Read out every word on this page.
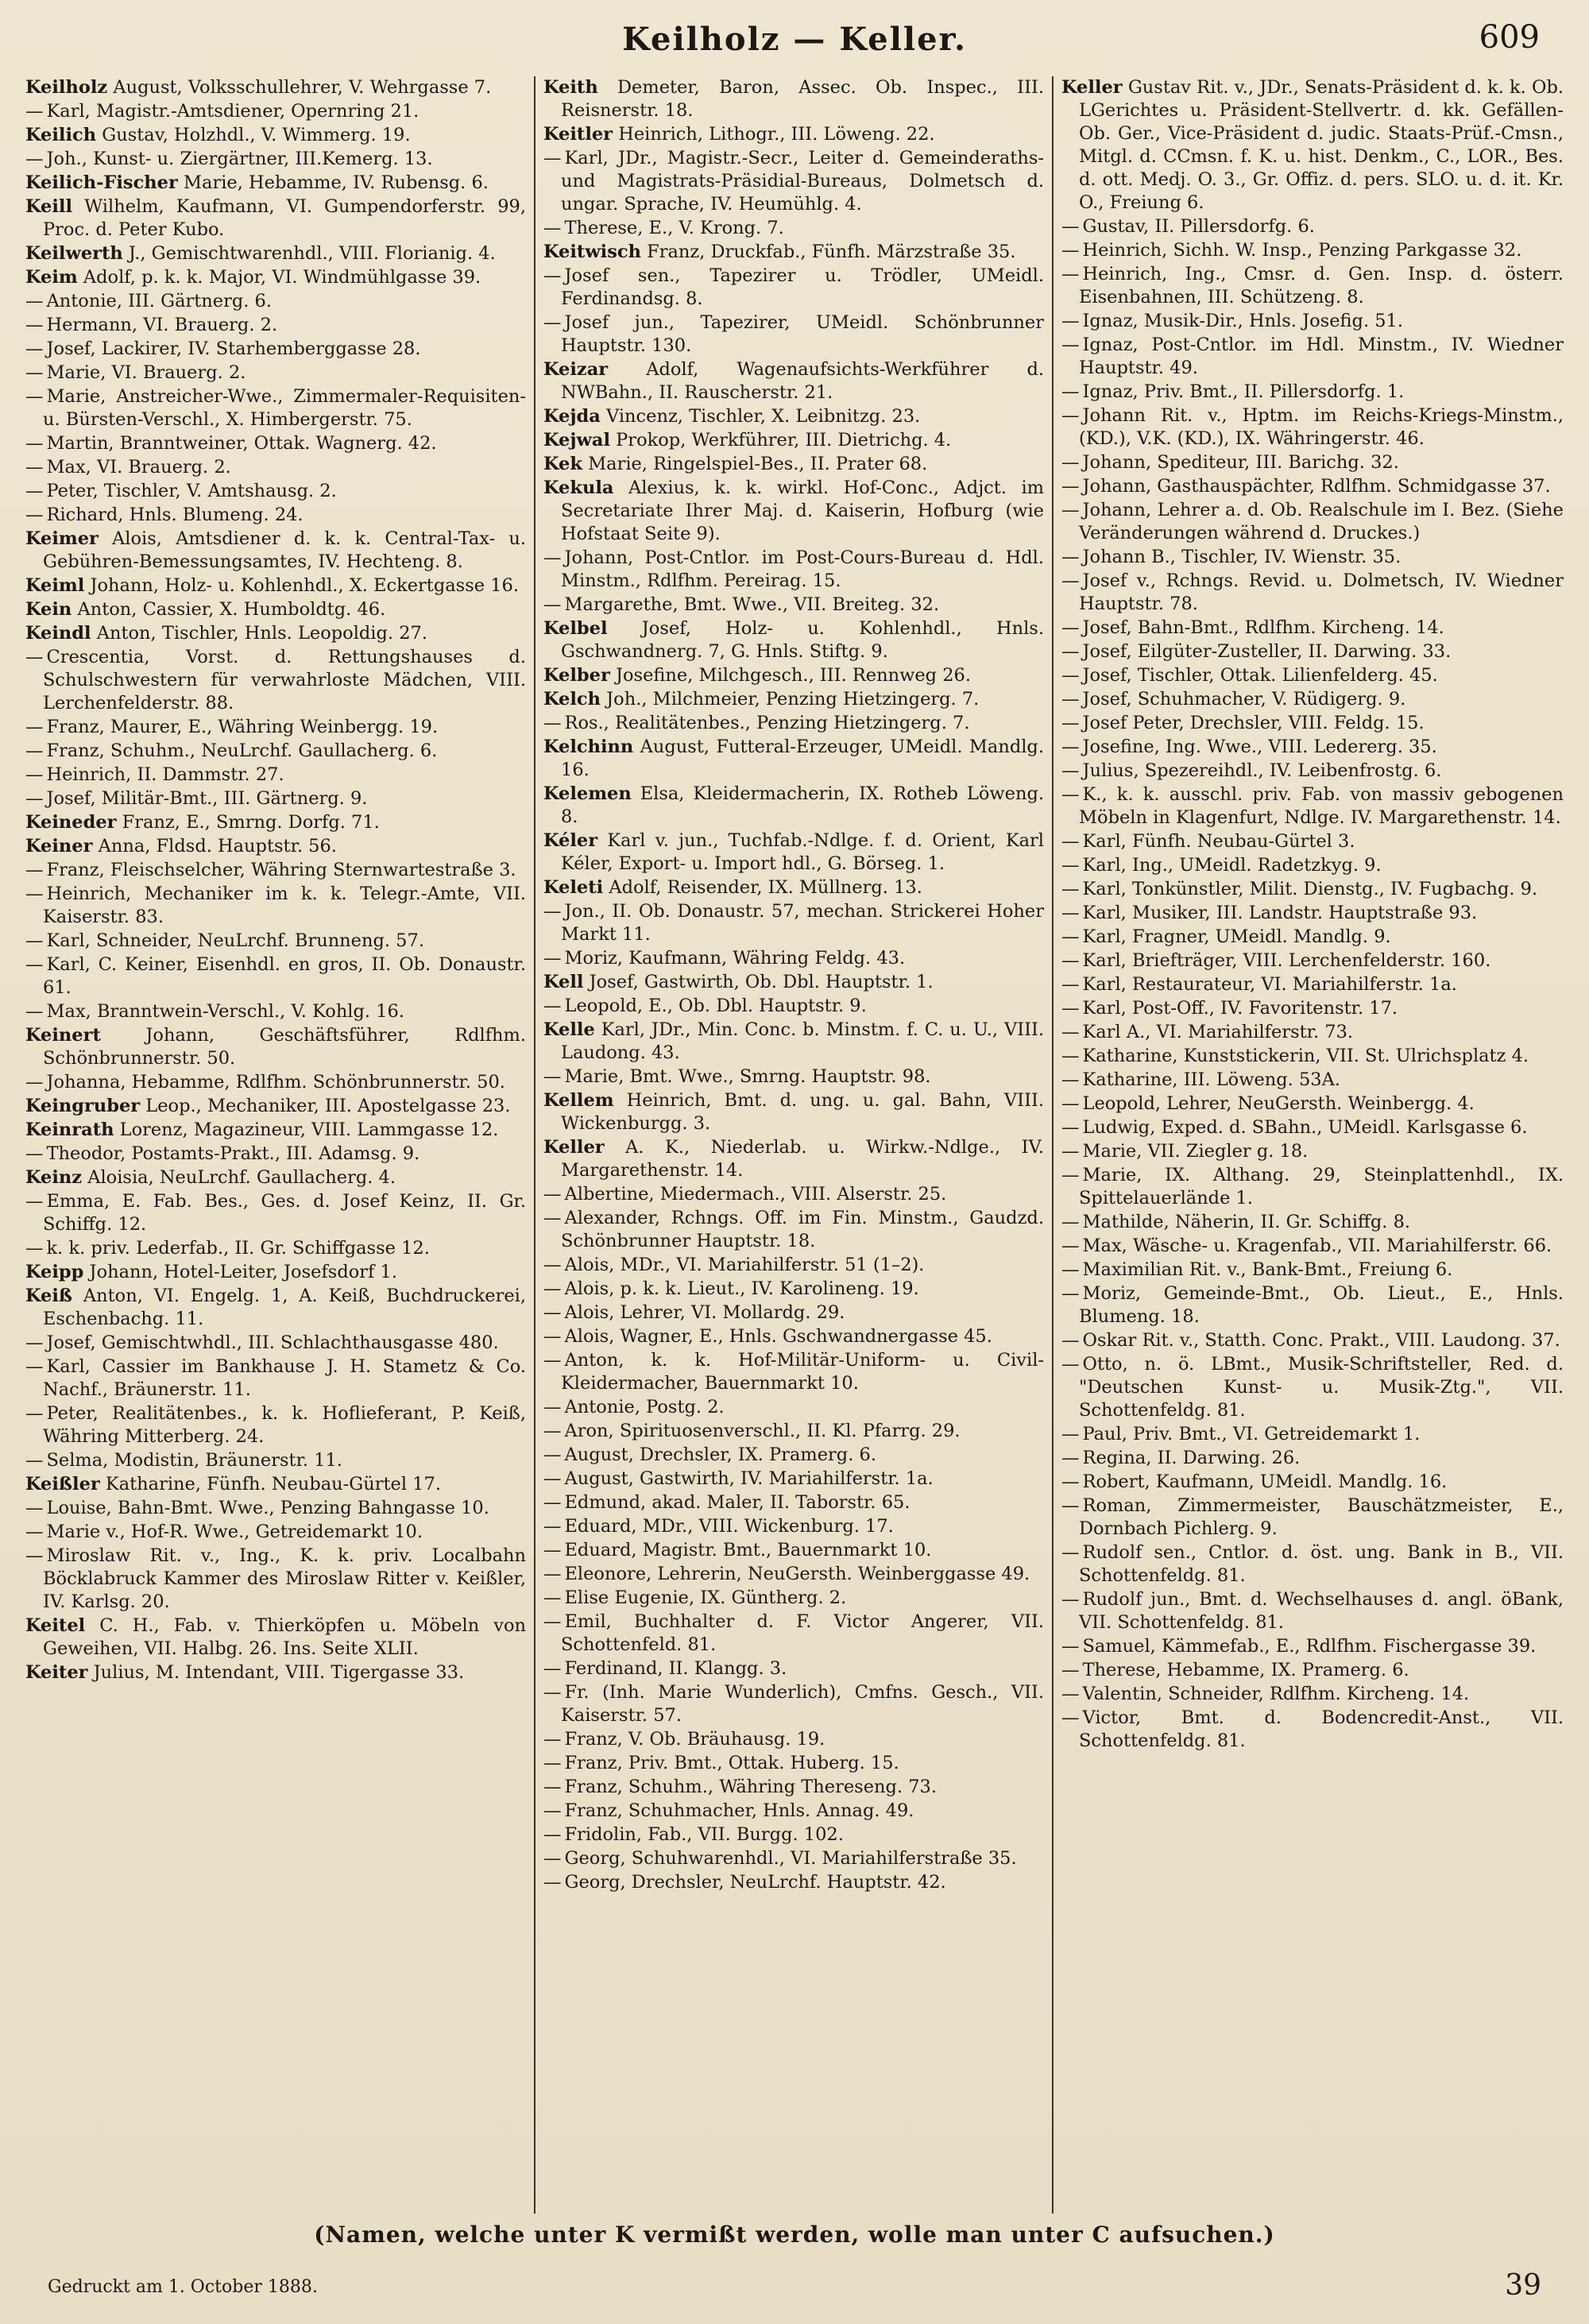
Keilholz — Keller.	609
Keilholz August, Volksschullehrer, V. Wehrgasse 7.
— Karl, Magistr.-Amtsdiener, Opernring 21.
Keilich Gustav, Holzhdl., V. Wimmerg. 19.
— Joh., Kunst- u. Ziergärtner, III.Kemerg. 13.
Keilich-Fischer Marie, Hebamme, IV. Rubensg. 6.
Keill Wilhelm, Kaufmann, VI. Gumpendorferstr. 99, Proc. d. Peter Kubo.
Keilwerth J., Gemischtwarenhdl., VIII. Florianig. 4.
Keim Adolf, p. k. k. Major, VI. Windmühlgasse 39.
— Antonie, III. Gärtnerg. 6.
— Hermann, VI. Brauerg. 2.
— Josef, Lackirer, IV. Starhemberggasse 28.
— Marie, VI. Brauerg. 2.
— Marie, Anstreicher-Wwe., Zimmermaler-Requisiten- u. Bürsten-Verschl., X. Himbergerstr. 75.
— Martin, Branntweiner, Ottak. Wagnerg. 42.
— Max, VI. Brauerg. 2.
— Peter, Tischler, V. Amtshausg. 2.
— Richard, Hnls. Blumeng. 24.
Keimer Alois, Amtsdiener d. k. k. Central-Tax- u. Gebühren-Bemessungsamtes, IV. Hechteng. 8.
Keiml Johann, Holz- u. Kohlenhdl., X. Eckertgasse 16.
Kein Anton, Cassier, X. Humboldtg. 46.
Keindl Anton, Tischler, Hnls. Leopoldig. 27.
— Crescentia, Vorst. d. Rettungshauses d. Schulschwestern für verwahrloste Mädchen, VIII. Lerchenfelderstr. 88.
— Franz, Maurer, E., Währing Weinbergg. 19.
— Franz, Schuhm., NeuLrchf. Gaullacherg. 6.
— Heinrich, II. Dammstr. 27.
— Josef, Militär-Bmt., III. Gärtnerg. 9.
Keineder Franz, E., Smrng. Dorfg. 71.
Keiner Anna, Fldsd. Hauptstr. 56.
— Franz, Fleischselcher, Währing Sternwartestraße 3.
— Heinrich, Mechaniker im k. k. Telegr.-Amte, VII. Kaiserstr. 83.
— Karl, Schneider, NeuLrchf. Brunneng. 57.
— Karl, C. Keiner, Eisenhdl. en gros, II. Ob. Donaustr. 61.
— Max, Branntwein-Verschl., V. Kohlg. 16.
Keinert	Johann, Geschäftsführer, Rdlfhm. Schönbrunnerstr. 50.
— Johanna, Hebamme, Rdlfhm. Schönbrunnerstr. 50.
Keingruber Leop., Mechaniker, III. Apostelgasse 23.
Keinrath Lorenz, Magazineur, VIII. Lammgasse 12.
— Theodor, Postamts-Prakt., III. Adamsg. 9.
Keinz Aloisia, NeuLrchf. Gaullacherg. 4.
— Emma, E. Fab. Bes., Ges. d. Josef Keinz, II. Gr. Schiffg. 12.
— k. k. priv. Lederfab., II. Gr. Schiffgasse 12.
Keipp Johann, Hotel-Leiter, Josefsdorf 1.
Keiß Anton, VI. Engelg. 1, A. Keiß, Buchdruckerei, Eschenbachg. 11.
— Josef, Gemischtwhdl., III. Schlachthausgasse 480.
— Karl, Cassier im Bankhause J. H. Stametz & Co. Nachf., Bräunerstr. 11.
— Peter, Realitätenbes., k. k. Hoflieferant, P. Keiß, Währing Mitterberg. 24.
— Selma, Modistin, Bräunerstr. 11.
Keißler Katharine, Fünfh. Neubau-Gürtel 17.
— Louise, Bahn-Bmt. Wwe., Penzing Bahngasse 10.
— Marie v., Hof-R. Wwe., Getreidemarkt 10.
— Miroslaw Rit. v., Ing., K. k. priv. Localbahn Böcklabruck Kammer des Miroslaw Ritter v. Keißler, IV. Karlsg. 20.
Keitel C. H., Fab. v. Thierköpfen u. Möbeln von Geweihen, VII. Halbg. 26. Ins. Seite XLII.
Keiter Julius, M. Intendant, VIII. Tigergasse 33.
Keith Demeter, Baron, Assec. Ob. Inspec., III. Reisnerstr. 18.
Keitler Heinrich, Lithogr., III. Löweng. 22.
— Karl, JDr., Magistr.-Secr., Leiter d. Gemeinderaths- und Magistrats-Präsidial-Bureaus, Dolmetsch d. ungar. Sprache, IV. Heumühlg. 4.
— Therese, E., V. Krong. 7.
Keitwisch Franz, Druckfab., Fünfh. Märzstraße 35.
— Josef sen., Tapezirer u. Trödler, UMeidl. Ferdinandsg. 8.
— Josef jun., Tapezirer, UMeidl. Schönbrunner Hauptstr. 130.
Keizar Adolf, Wagenaufsichts-Werkführer d. NWBahn., II. Rauscherstr. 21.
Kejda Vincenz, Tischler, X. Leibnitzg. 23.
Kejwal Prokop, Werkführer, III. Dietrichg. 4.
Kek Marie, Ringelspiel-Bes., II. Prater 68.
Kekula Alexius, k. k. wirkl. Hof-Conc., Adjct. im Secretariate Ihrer Maj. d. Kaiserin, Hofburg (wie Hofstaat Seite 9).
— Johann, Post-Cntlor. im Post-Cours-Bureau d. Hdl. Minstm., Rdlfhm. Pereirag. 15.
— Margarethe, Bmt. Wwe., VII. Breiteg. 32.
Kelbel Josef, Holz- u. Kohlenhdl., Hnls. Gschwandnerg. 7, G. Hnls. Stiftg. 9.
Kelber Josefine, Milchgesch., III. Rennweg 26.
Kelch Joh., Milchmeier, Penzing Hietzingerg. 7.
— Ros., Realitätenbes., Penzing Hietzingerg. 7.
Kelchinn August, Futteral-Erzeuger, UMeidl. Mandlg. 16.
Kelemen Elsa, Kleidermacherin, IX. Rotheb Löweng. 8.
Kéler Karl v. jun., Tuchfab.-Ndlge. f. d. Orient, Karl Kéler, Export- u. Import hdl., G. Börseg. 1.
Keleti Adolf, Reisender, IX. Müllnerg. 13.
— Jon., II. Ob. Donaustr. 57, mechan. Strickerei Hoher Markt 11.
— Moriz, Kaufmann, Währing Feldg. 43.
Kell Josef, Gastwirth, Ob. Dbl. Hauptstr. 1.
— Leopold, E., Ob. Dbl. Hauptstr. 9.
Kelle Karl, JDr., Min. Conc. b. Minstm. f. C. u. U., VIII. Laudong. 43.
— Marie, Bmt. Wwe., Smrng. Hauptstr. 98.
Kellem Heinrich, Bmt. d. ung. u. gal. Bahn, VIII. Wickenburgg. 3.
Keller A. K., Niederlab. u. Wirkw.-Ndlge., IV. Margarethenstr. 14.
— Albertine, Miedermach., VIII. Alserstr. 25.
— Alexander, Rchngs. Off. im Fin. Minstm., Gaudzd. Schönbrunner Hauptstr. 18.
— Alois, MDr., VI. Mariahilferstr. 51 (1–2).
— Alois, p. k. k. Lieut., IV. Karolineng. 19.
— Alois, Lehrer, VI. Mollardg. 29.
— Alois, Wagner, E., Hnls. Gschwandnergasse 45.
— Anton, k. k. Hof-Militär-Uniform- u. Civil-Kleidermacher, Bauernmarkt 10.
— Antonie, Postg. 2.
— Aron, Spirituosenverschl., II. Kl. Pfarrg. 29.
— August, Drechsler, IX. Pramerg. 6.
— August, Gastwirth, IV. Mariahilferstr. 1a.
— Edmund, akad. Maler, II. Taborstr. 65.
— Eduard, MDr., VIII. Wickenburg. 17.
— Eduard, Magistr. Bmt., Bauernmarkt 10.
— Eleonore, Lehrerin, NeuGersth. Weinberggasse 49.
— Elise Eugenie, IX. Güntherg. 2.
— Emil, Buchhalter d. F. Victor Angerer, VII. Schottenfeld. 81.
— Ferdinand, II. Klangg. 3.
— Fr. (Inh. Marie Wunderlich), Cmfns. Gesch., VII. Kaiserstr. 57.
— Franz, V. Ob. Bräuhausg. 19.
— Franz, Priv. Bmt., Ottak. Huberg. 15.
— Franz, Schuhm., Währing Thereseng. 73.
— Franz, Schuhmacher, Hnls. Annag. 49.
— Fridolin, Fab., VII. Burgg. 102.
— Georg, Schuhwarenhdl., VI. Mariahilferstraße 35.
— Georg, Drechsler, NeuLrchf. Hauptstr. 42.
Keller Gustav Rit. v., JDr., Senats-Präsident d. k. k. Ob. LGerichtes u. Präsident-Stellvertr. d. kk. Gefällen-Ob. Ger., Vice-Präsident d. judic. Staats-Prüf.-Cmsn., Mitgl. d. CCmsn. f. K. u. hist. Denkm., C., LOR., Bes. d. ott. Medj. O. 3., Gr. Offiz. d. pers. SLO. u. d. it. Kr. O., Freiung 6.
— Gustav, II. Pillersdorfg. 6.
— Heinrich, Sichh. W. Insp., Penzing Parkgasse 32.
— Heinrich, Ing., Cmsr. d. Gen. Insp. d. österr. Eisenbahnen, III. Schützeng. 8.
— Ignaz, Musik-Dir., Hnls. Josefig. 51.
— Ignaz, Post-Cntlor. im Hdl. Minstm., IV. Wiedner Hauptstr. 49.
— Ignaz, Priv. Bmt., II. Pillersdorfg. 1.
— Johann Rit. v., Hptm. im Reichs-Kriegs-Minstm., (KD.), V.K. (KD.), IX. Währingerstr. 46.
— Johann, Spediteur, III. Barichg. 32.
— Johann, Gasthauspächter, Rdlfhm. Schmidgasse 37.
— Johann, Lehrer a. d. Ob. Realschule im I. Bez. (Siehe Veränderungen während d. Druckes.)
— Johann B., Tischler, IV. Wienstr. 35.
— Josef v., Rchngs. Revid. u. Dolmetsch, IV. Wiedner Hauptstr. 78.
— Josef, Bahn-Bmt., Rdlfhm. Kircheng. 14.
— Josef, Eilgüter-Zusteller, II. Darwing. 33.
— Josef, Tischler, Ottak. Lilienfelderg. 45.
— Josef, Schuhmacher, V. Rüdigerg. 9.
— Josef Peter, Drechsler, VIII. Feldg. 15.
— Josefine, Ing. Wwe., VIII. Ledererg. 35.
— Julius, Spezereihdl., IV. Leibenfrostg. 6.
— K., k. k. ausschl. priv. Fab. von massiv gebogenen Möbeln in Klagenfurt, Ndlge. IV. Margarethenstr. 14.
— Karl, Fünfh. Neubau-Gürtel 3.
— Karl, Ing., UMeidl. Radetzkyg. 9.
— Karl, Tonkünstler, Milit. Dienstg., IV. Fugbachg. 9.
— Karl, Musiker, III. Landstr. Hauptstraße 93.
— Karl, Fragner, UMeidl. Mandlg. 9.
— Karl, Briefträger, VIII. Lerchenfelderstr. 160.
— Karl, Restaurateur, VI. Mariahilferstr. 1a.
— Karl, Post-Off., IV. Favoritenstr. 17.
— Karl A., VI. Mariahilferstr. 73.
— Katharine, Kunststickerin, VII. St. Ulrichsplatz 4.
— Katharine, III. Löweng. 53A.
— Leopold, Lehrer, NeuGersth. Weinbergg. 4.
— Ludwig, Exped. d. SBahn., UMeidl. Karlsgasse 6.
— Marie, VII. Ziegler g. 18.
— Marie, IX. Althang. 29, Steinplattenhdl., IX. Spittelauerlände 1.
— Mathilde, Näherin, II. Gr. Schiffg. 8.
— Max, Wäsche- u. Kragenfab., VII. Mariahilferstr. 66.
— Maximilian Rit. v., Bank-Bmt., Freiung 6.
— Moriz, Gemeinde-Bmt., Ob. Lieut., E., Hnls. Blumeng. 18.
— Oskar Rit. v., Statth. Conc. Prakt., VIII. Laudong. 37.
— Otto, n. ö. LBmt., Musik-Schriftsteller, Red. d. "Deutschen Kunst- u. Musik-Ztg.", VII. Schottenfeldg. 81.
— Paul, Priv. Bmt., VI. Getreidemarkt 1.
— Regina, II. Darwing. 26.
— Robert, Kaufmann, UMeidl. Mandlg. 16.
— Roman, Zimmermeister, Bauschätzmeister, E., Dornbach Pichlerg. 9.
— Rudolf sen., Cntlor. d. öst. ung. Bank in B., VII. Schottenfeldg. 81.
— Rudolf jun., Bmt. d. Wechselhauses d. angl. öBank, VII. Schottenfeldg. 81.
— Samuel, Kämmefab., E., Rdlfhm. Fischergasse 39.
— Therese, Hebamme, IX. Pramerg. 6.
— Valentin, Schneider, Rdlfhm. Kircheng. 14.
— Victor, Bmt. d. Bodencredit-Anst., VII. Schottenfeldg. 81.
(Namen, welche unter K vermißt werden, wolle man unter C aufsuchen.)
Gedruckt am 1. October 1888.	39
